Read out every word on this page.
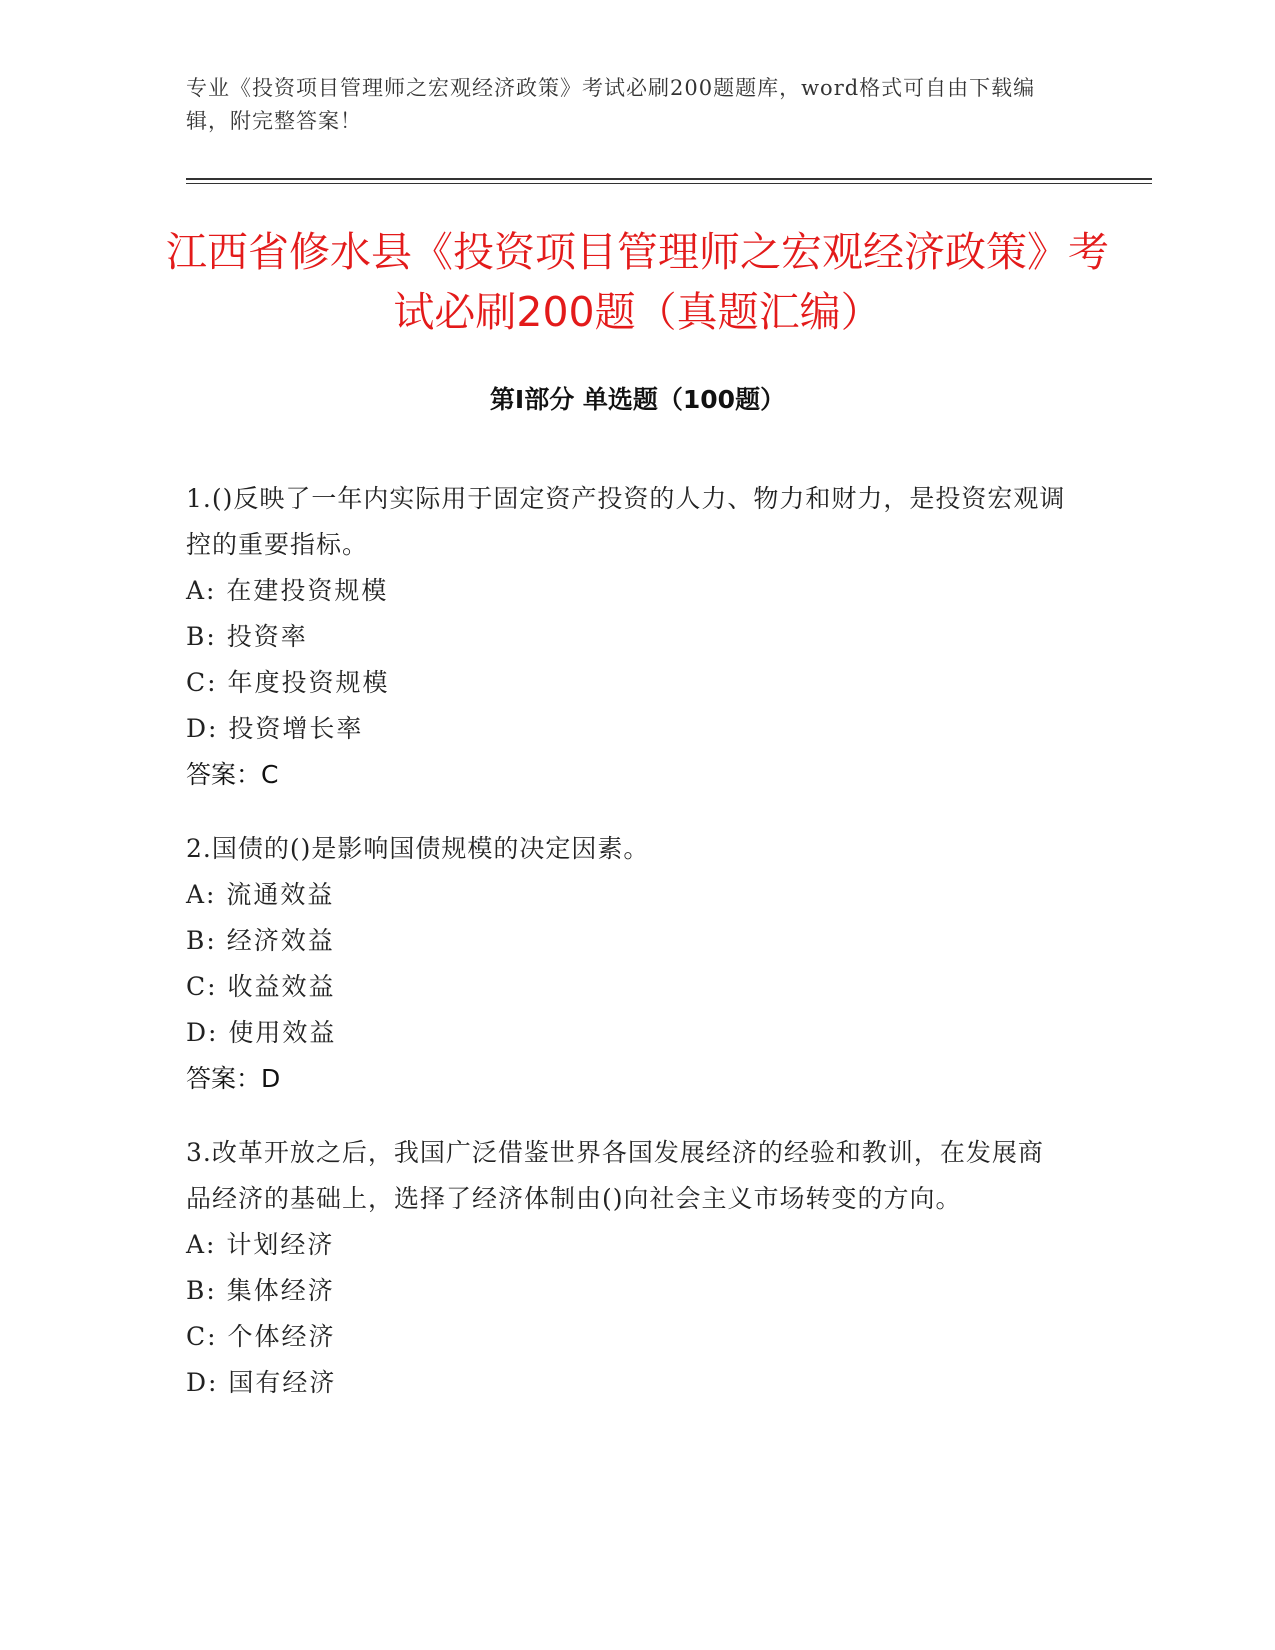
专业《投资项目管理师之宏观经济政策》考试必刷200题题库，word格式可自由下载编辑，附完整答案！
江西省修水县《投资项目管理师之宏观经济政策》考试必刷200题（真题汇编）
第I部分 单选题（100题）
1.()反映了一年内实际用于固定资产投资的人力、物力和财力，是投资宏观调控的重要指标。
A: 在建投资规模
B: 投资率
C: 年度投资规模
D: 投资增长率
答案：C
2.国债的()是影响国债规模的决定因素。
A: 流通效益
B: 经济效益
C: 收益效益
D: 使用效益
答案：D
3.改革开放之后，我国广泛借鉴世界各国发展经济的经验和教训，在发展商品经济的基础上，选择了经济体制由()向社会主义市场转变的方向。
A: 计划经济
B: 集体经济
C: 个体经济
D: 国有经济
